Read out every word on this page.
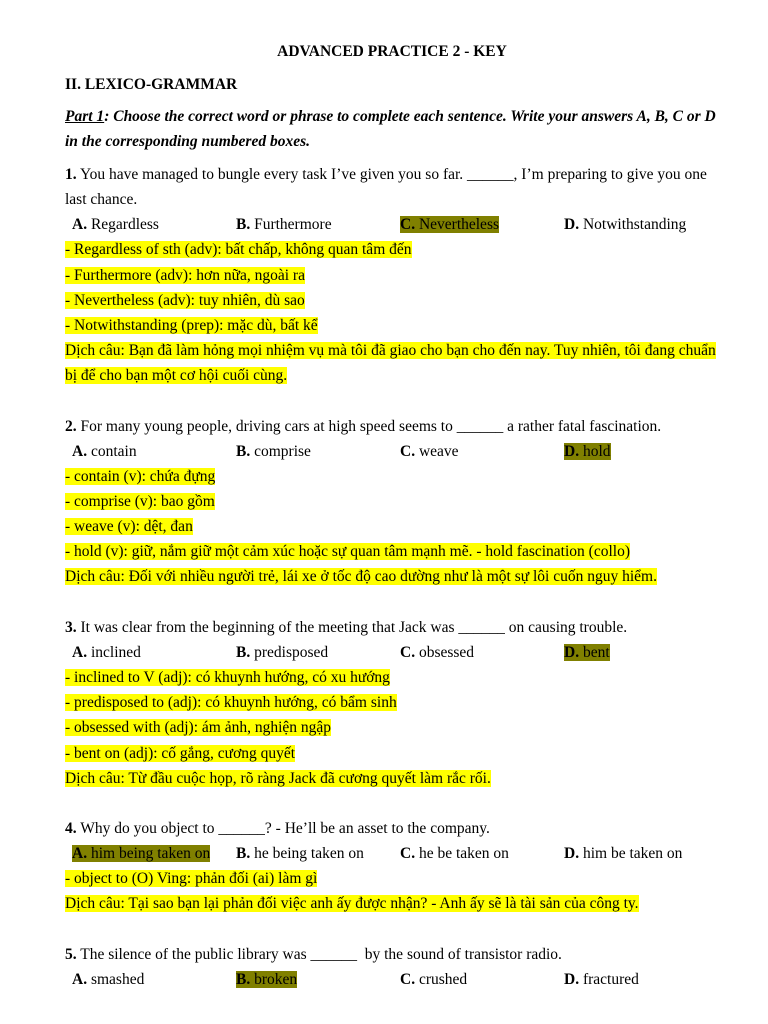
ADVANCED PRACTICE 2 - KEY
II. LEXICO-GRAMMAR

Part 1: Choose the correct word or phrase to complete each sentence. Write your answers A, B, C or D in the corresponding numbered boxes.

1. You have managed to bungle every task I’ve given you so far. ______, I’m preparing to give you one last chance.

A. Regardless	B. Furthermore	C. Nevertheless	D. Notwithstanding

- Regardless of sth (adv): bất chấp, không quan tâm đến

- Furthermore (adv): hơn nữa, ngoài ra

- Nevertheless (adv): tuy nhiên, dù sao

- Notwithstanding (prep): mặc dù, bất kể

Dịch câu: Bạn đã làm hỏng mọi nhiệm vụ mà tôi đã giao cho bạn cho đến nay. Tuy nhiên, tôi đang chuẩn bị để cho bạn một cơ hội cuối cùng.

2. For many young people, driving cars at high speed seems to ______ a rather fatal fascination.

A. contain	B. comprise	C. weave	D. hold

- contain (v): chứa đựng

- comprise (v): bao gồm

- weave (v): dệt, đan

- hold (v): giữ, nắm giữ một cảm xúc hoặc sự quan tâm mạnh mẽ. - hold fascination (collo)

Dịch câu: Đối với nhiều người trẻ, lái xe ở tốc độ cao dường như là một sự lôi cuốn nguy hiểm.

3. It was clear from the beginning of the meeting that Jack was ______ on causing trouble.

A. inclined	B. predisposed	C. obsessed	D. bent

- inclined to V (adj): có khuynh hướng, có xu hướng

- predisposed to (adj): có khuynh hướng, có bẩm sinh

- obsessed with (adj): ám ảnh, nghiện ngập

- bent on (adj): cố gắng, cương quyết

Dịch câu: Từ đầu cuộc họp, rõ ràng Jack đã cương quyết làm rắc rối.

4. Why do you object to ______? - He’ll be an asset to the company.

A. him being taken on	B. he being taken on	C. he be taken on	D. him be taken on

- object to (O) Ving: phản đối (ai) làm gì

Dịch câu: Tại sao bạn lại phản đối việc anh ấy được nhận? - Anh ấy sẽ là tài sản của công ty.

5. The silence of the public library was ______  by the sound of transistor radio.

A. smashed	B. broken	C. crushed	D. fractured
